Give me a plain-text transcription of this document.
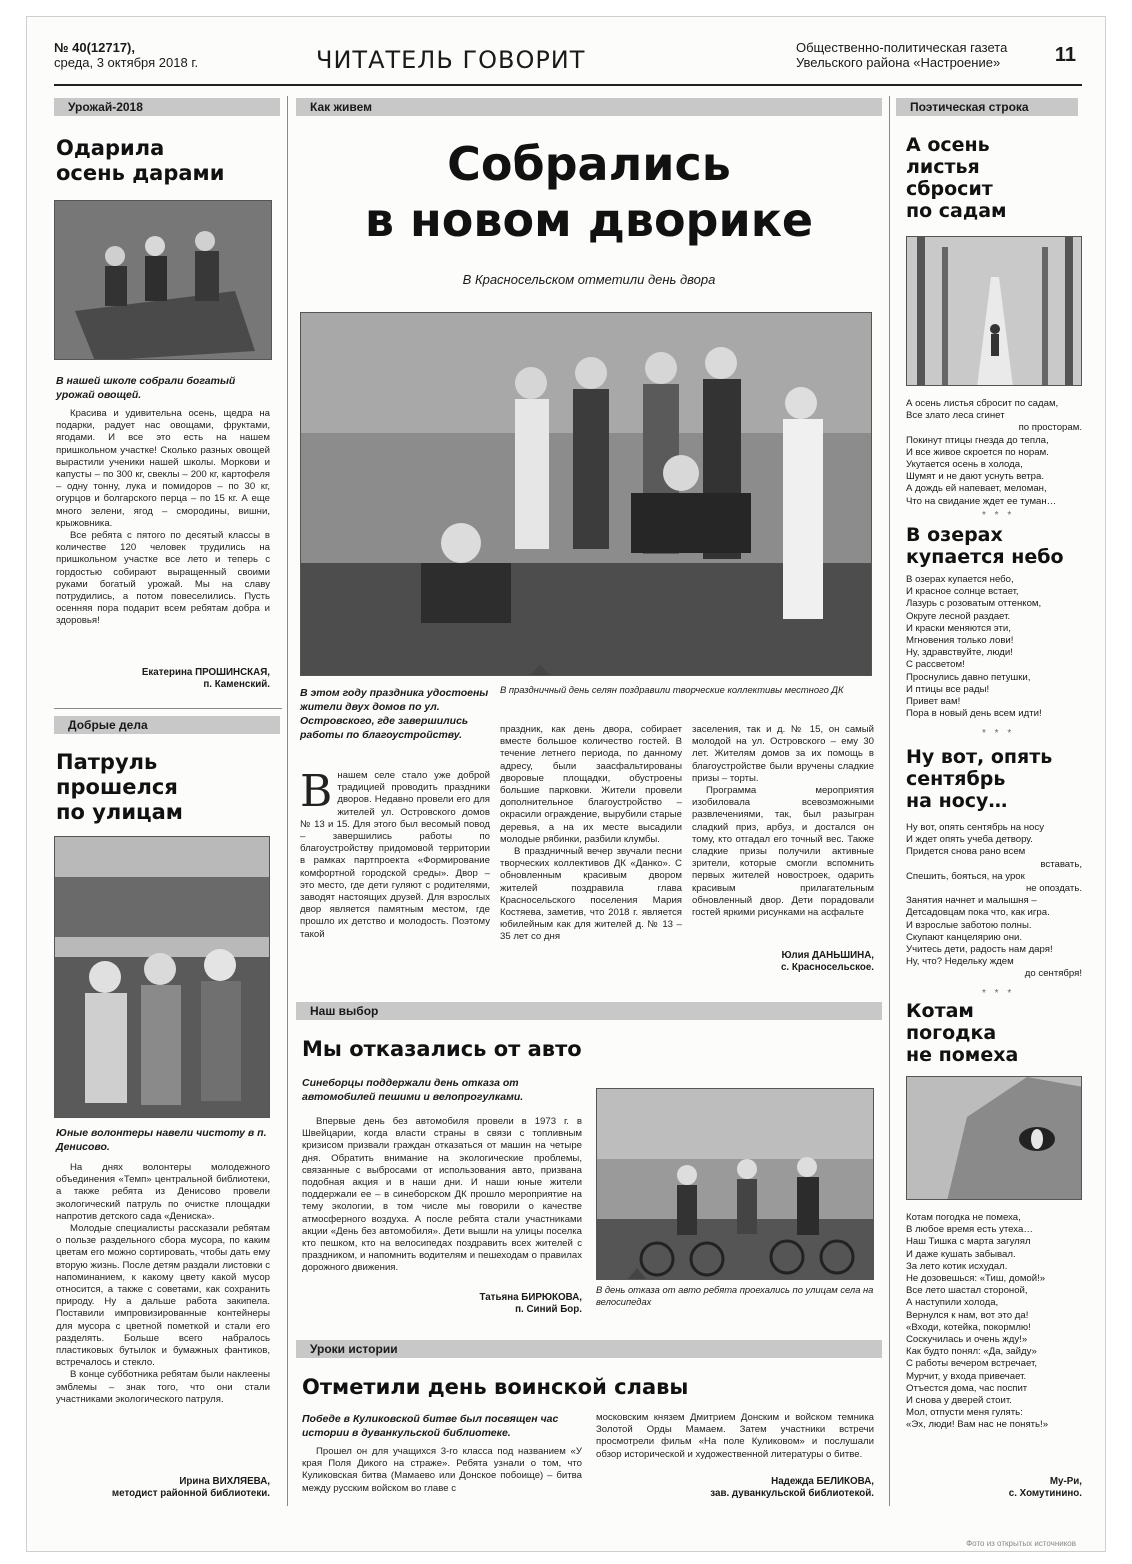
№ 40(12717),
среда, 3 октября 2018 г.	ЧИТАТЕЛЬ ГОВОРИТ	Общественно-политическая газета
Увельского района «Настроение»	11
Урожай-2018
Одарила
осень дарами
В нашей школе собрали богатый урожай овощей.

Красива и удивительна осень, щедра на подарки, радует нас овощами, фруктами, ягодами. И все это есть на нашем пришкольном участке! Сколько разных овощей вырастили ученики нашей школы. Моркови и капусты – по 300 кг, свеклы – 200 кг, картофеля – одну тонну, лука и помидоров – по 30 кг, огурцов и болгарского перца – по 15 кг. А еще много зелени, ягод – смородины, вишни, крыжовника.

Все ребята с пятого по десятый классы в количестве 120 человек трудились на пришкольном участке все лето и теперь с гордостью собирают выращенный своими руками богатый урожай. Мы на славу потрудились, а потом повеселились. Пусть осенняя пора подарит всем ребятам добра и здоровья!

Екатерина ПРОШИНСКАЯ,
п. Каменский.
Добрые дела
Патруль
прошелся
по улицам
Юные волонтеры навели чистоту в п. Денисово.

На днях волонтеры молодежного объединения «Темп» центральной библиотеки, а также ребята из Денисово провели экологический патруль по очистке площадки напротив детского сада «Дениска».

Молодые специалисты рассказали ребятам о пользе раздельного сбора мусора, по каким цветам его можно сортировать, чтобы дать ему вторую жизнь. После детям раздали листовки с напоминанием, к какому цвету какой мусор относится, а также с советами, как сохранить природу. Ну а дальше работа закипела. Поставили импровизированные контейнеры для мусора с цветной пометкой и стали его разделять. Больше всего набралось пластиковых бутылок и бумажных фантиков, встречалось и стекло.

В конце субботника ребятам были наклеены эмблемы – знак того, что они стали участниками экологического патруля.

Ирина ВИХЛЯЕВА,
методист районной библиотеки.
Как живем
Собрались
в новом дворике
В Красносельском отметили день двора
В этом году праздника удостоены жители двух домов по ул. Островского, где завершились работы по благоустройству.
В праздничный день селян поздравили творческие коллективы местного ДК
В нашем селе стало уже доброй традицией проводить праздники дворов. Недавно провели его для жителей ул. Островского домов № 13 и 15. Для этого был весомый повод – завершились работы по благоустройству придомовой территории в рамках партпроекта «Формирование комфортной городской среды». Двор – это место, где дети гуляют с родителями, заводят настоящих друзей. Для взрослых двор является памятным местом, где прошло их детство и молодость. Поэтому такой

праздник, как день двора, собирает вместе большое количество гостей. В течение летнего периода, по данному адресу, были заасфальтированы дворовые площадки, обустроены большие парковки. Жители провели дополнительное благоустройство – окрасили ограждение, вырубили старые деревья, а на их месте высадили молодые рябинки, разбили клумбы.

В праздничный вечер звучали песни творческих коллективов ДК «Данко». С обновленным красивым двором жителей поздравила глава Красносельского поселения Мария Костяева, заметив, что 2018 г. является юбилейным как для жителей д. № 13 – 35 лет со дня

заселения, так и д. № 15, он самый молодой на ул. Островского – ему 30 лет. Жителям домов за их помощь в благоустройстве были вручены сладкие призы – торты.

Программа мероприятия изобиловала всевозможными развлечениями, так, был разыгран сладкий приз, арбуз, и достался он тому, кто отгадал его точный вес. Также сладкие призы получили активные зрители, которые смогли вспомнить первых жителей новостроек, одарить красивым прилагательным обновленный двор. Дети порадовали гостей яркими рисунками на асфальте

Юлия ДАНЬШИНА,
с. Красносельское.
Наш выбор
Мы отказались от авто
Синеборцы поддержали день отказа от автомобилей пешими и велопрогулками.

Впервые день без автомобиля провели в 1973 г. в Швейцарии, когда власти страны в связи с топливным кризисом призвали граждан отказаться от машин на четыре дня. Обратить внимание на экологические проблемы, связанные с выбросами от использования авто, призвана подобная акция и в наши дни. И наши юные жители поддержали ее – в синеборском ДК прошло мероприятие на тему экологии, в том числе мы говорили о качестве атмосферного воздуха. А после ребята стали участниками акции «День без автомобиля». Дети вышли на улицы поселка кто пешком, кто на велосипедах поздравить всех жителей с праздником, и напомнить водителям и пешеходам о правилах дорожного движения.

Татьяна БИРЮКОВА,
п. Синий Бор.
В день отказа от авто ребята проехались по улицам села на велосипедах
Уроки истории
Отметили день воинской славы
Победе в Куликовской битве был посвящен час истории в дуванкульской библиотеке.

Прошел он для учащихся 3-го класса под названием «У края Поля Дикого на страже». Ребята узнали о том, что Куликовская битва (Мамаево или Донское побоище) – битва между русским войском во главе с

московским князем Дмитрием Донским и войском темника Золотой Орды Мамаем. Затем участники встречи просмотрели фильм «На поле Куликовом» и послушали обзор исторической и художественной литературы о битве.

Надежда БЕЛИКОВА,
зав. дуванкульской библиотекой.
Поэтическая строка
А осень
листья
сбросит
по садам
А осень листья сбросит по садам,
Все злато леса сгинет
по просторам.
Покинут птицы гнезда до тепла,
И все живое скроется по норам.
Укутается осень в холода,
Шумят и не дают уснуть ветра.
А дождь ей напевает, меломан,
Что на свидание ждет ее туман…
* * *
В озерах
купается небо
В озерах купается небо,
И красное солнце встает,
Лазурь с розоватым оттенком,
Округе лесной раздает.
И краски меняются эти,
Мгновения только лови!
Ну, здравствуйте, люди!
С рассветом!
Проснулись давно петушки,
И птицы все рады!
Привет вам!
Пора в новый день всем идти!
* * *
Ну вот, опять
сентябрь
на носу…
Ну вот, опять сентябрь на носу
И ждет опять учеба детвору.
Придется снова рано всем
вставать,
Спешить, бояться, на урок
не опоздать.
Занятия начнет и малышня –
Детсадовцам пока что, как игра.
И взрослые заботою полны.
Скупают канцелярию они.
Учитесь дети, радость нам даря!
Ну, что? Недельку ждем
до сентября!
* * *
Котам
погодка
не помеха
Котам погодка не помеха,
В любое время есть утеха…
Наш Тишка с марта загулял
И даже кушать забывал.
За лето котик исхудал.
Не дозовешься: «Тиш, домой!»
Все лето шастал стороной,
А наступили холода,
Вернулся к нам, вот это да!
«Входи, котейка, покормлю!
Соскучилась и очень жду!»
Как будто понял: «Да, зайду»
С работы вечером встречает,
Мурчит, у входа привечает.
Отъестся дома, час поспит
И снова у дверей стоит.
Мол, отпусти меня гулять:
«Эх, люди! Вам нас не понять!»
Му-Ри,
с. Хомутинино.
Фото из открытых источников
